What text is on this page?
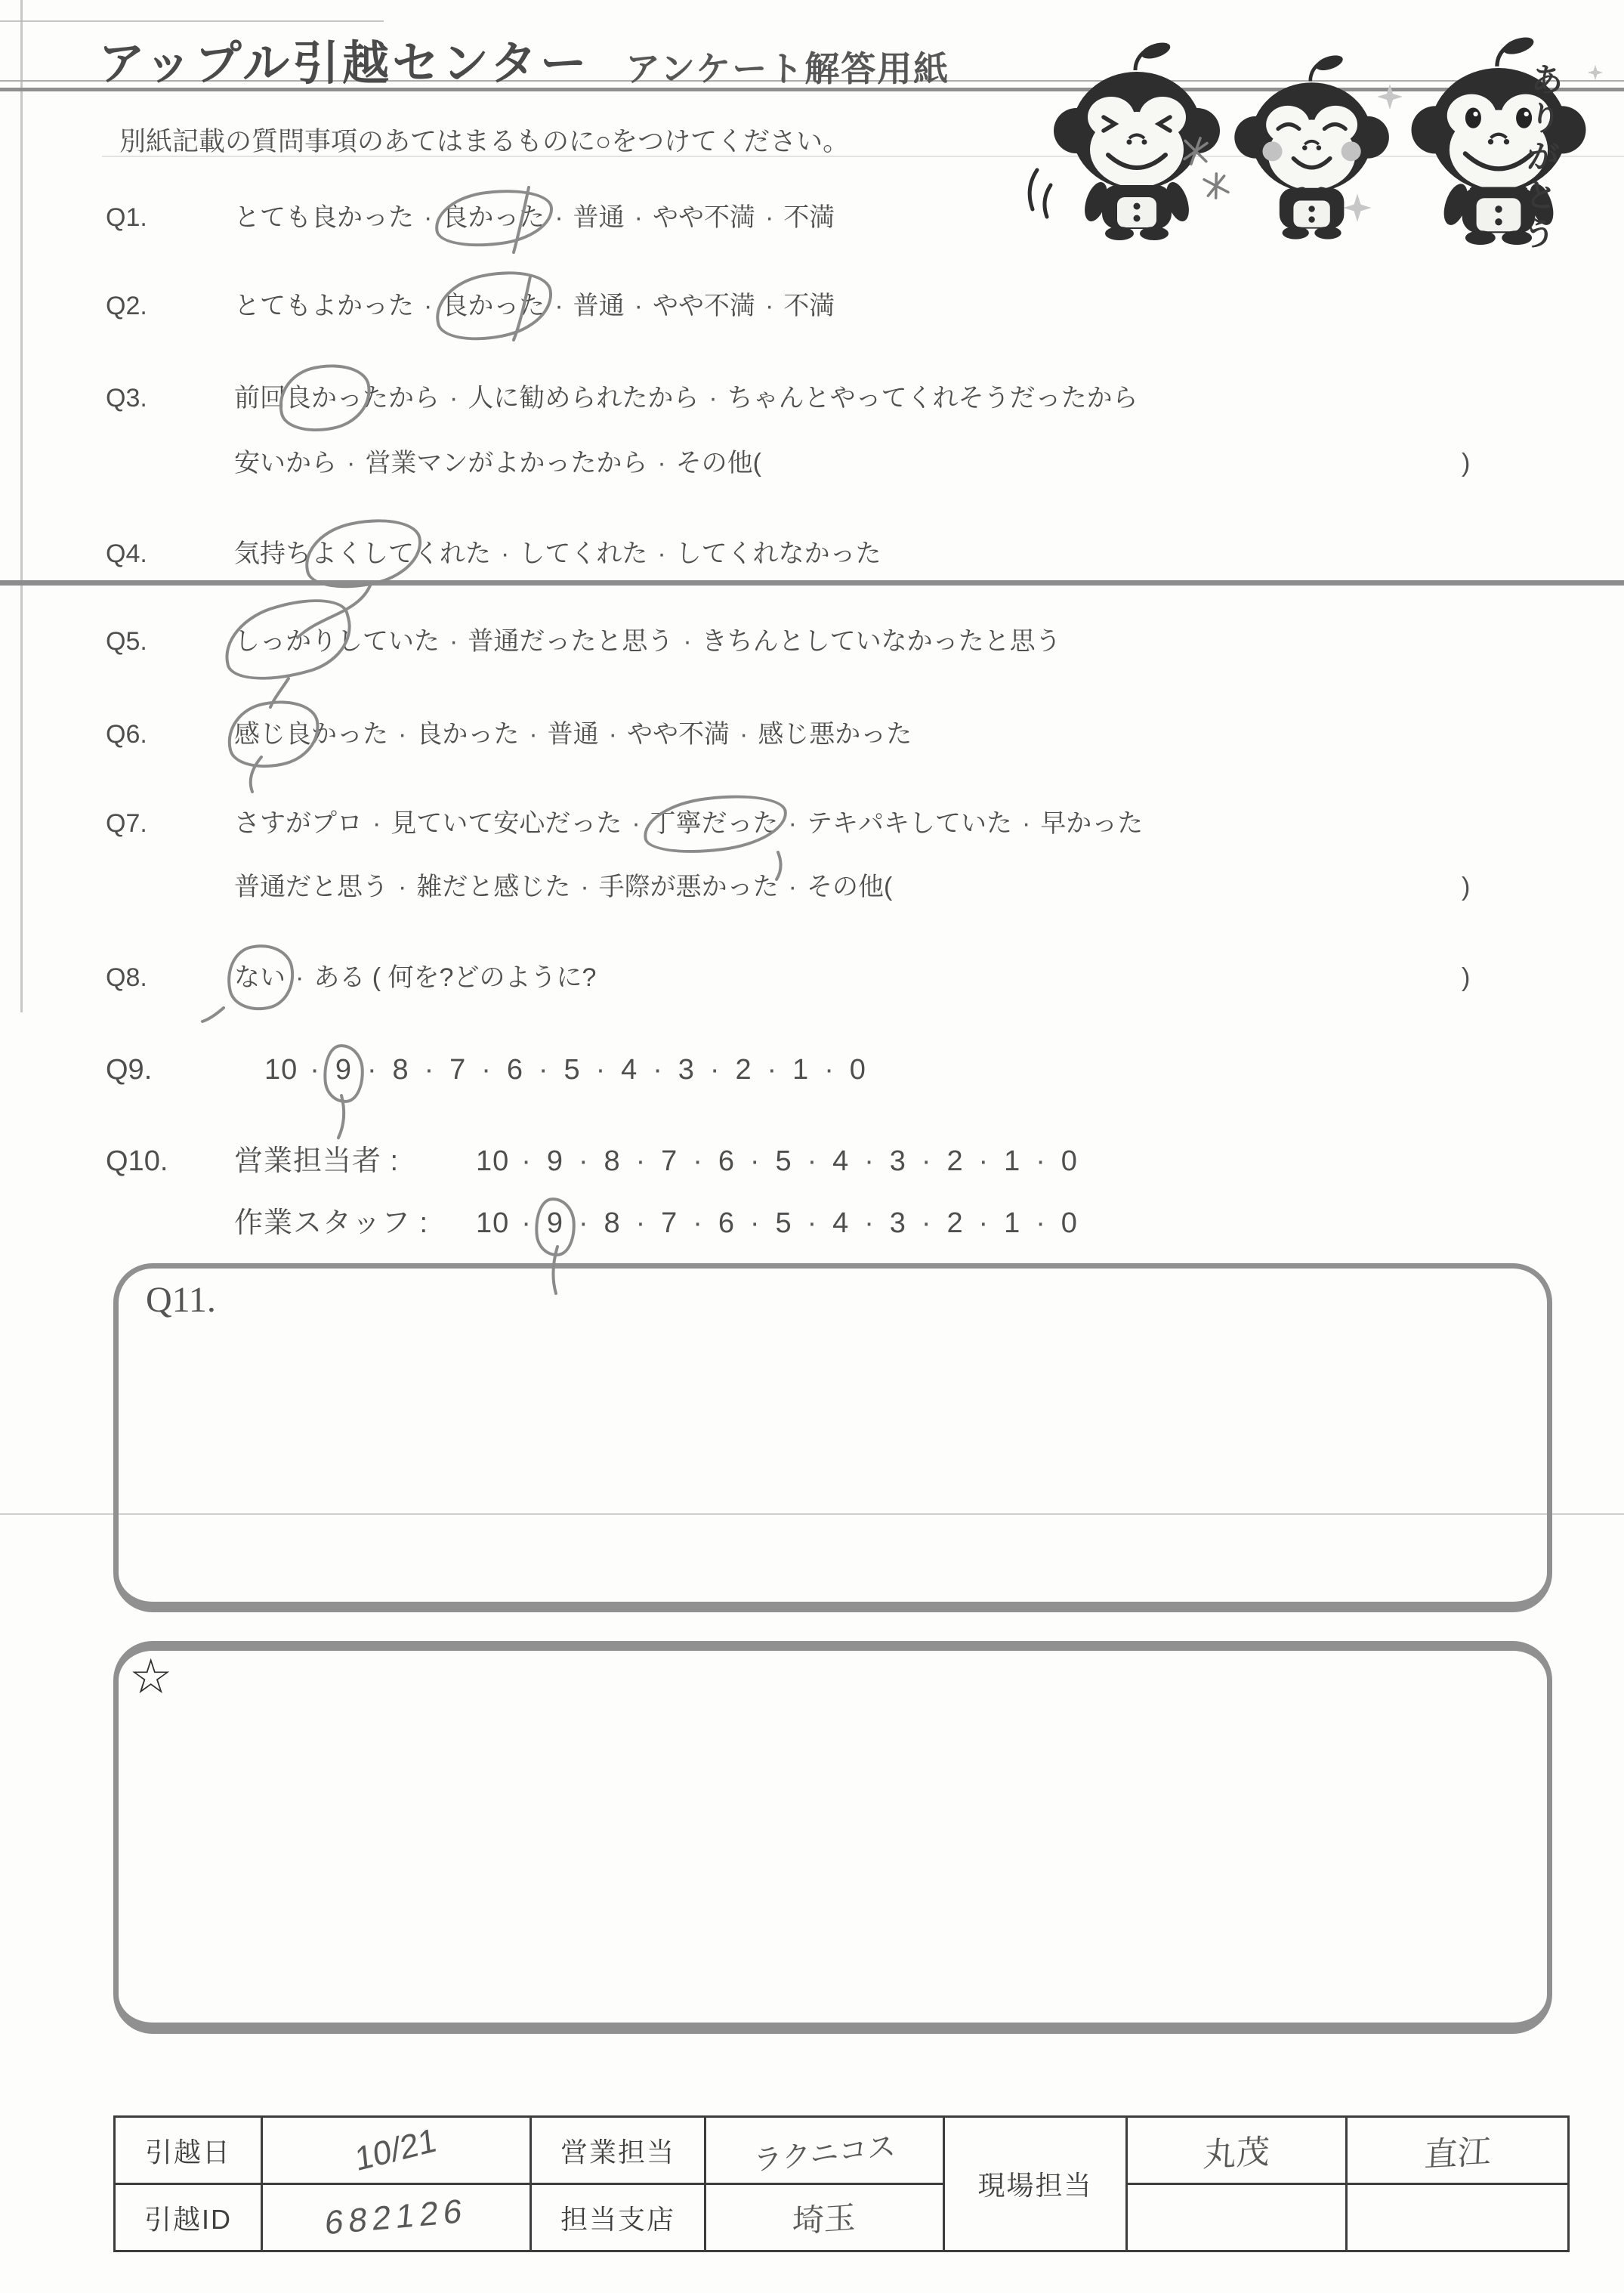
アップル引越センター アンケート解答用紙
別紙記載の質問事項のあてはまるものに○をつけてください。	ありがとう
Q1.	とても良かった · 良かった · 普通 · やや不満 · 不満
Q2.	とてもよかった · 良かった · 普通 · やや不満 · 不満
Q3.	前回良かったから · 人に勧められたから · ちゃんとやってくれそうだったから
安いから · 営業マンがよかったから · その他(	)
Q4.	気持ちよくしてくれた · してくれた · してくれなかった
Q5.	しっかりしていた · 普通だったと思う · きちんとしていなかったと思う
Q6.	感じ良かった · 良かった · 普通 · やや不満 · 感じ悪かった
Q7.	さすがプロ · 見ていて安心だった · 丁寧だった · テキパキしていた · 早かった
普通だと思う · 雑だと感じた · 手際が悪かった · その他(	)
Q8.	ない · ある ( 何を?どのように?	)
Q9.	10 · 9 · 8 · 7 · 6 · 5 · 4 · 3 · 2 · 1 · 0
Q10. 営業担当者 :	10 · 9 · 8 · 7 · 6 · 5 · 4 · 3 · 2 · 1 · 0
作業スタッフ : 10 · 9 · 8 · 7 · 6 · 5 · 4 · 3 · 2 · 1 · 0
Q11.
☆
引越日	10/21	営業担当	ラクニコス	現場担当	丸茂	直江
引越ID	682126	担当支店	埼玉			
